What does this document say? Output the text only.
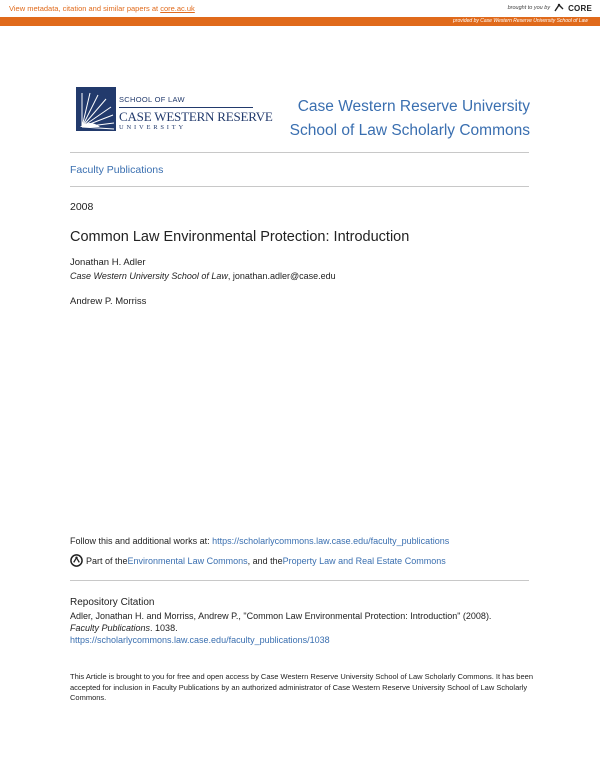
View metadata, citation and similar papers at core.ac.uk	brought to you by CORE
provided by Case Western Reserve University School of Law
SCHOOL OF LAW
CASE WESTERN RESERVE
UNIVERSITY
Case Western Reserve University
School of Law Scholarly Commons
Faculty Publications
2008
Common Law Environmental Protection: Introduction
Jonathan H. Adler
Case Western University School of Law, jonathan.adler@case.edu
Andrew P. Morriss
Follow this and additional works at: https://scholarlycommons.law.case.edu/faculty_publications
Part of the Environmental Law Commons , and the Property Law and Real Estate Commons
Repository Citation
Adler, Jonathan H. and Morriss, Andrew P., "Common Law Environmental Protection: Introduction" (2008).
Faculty Publications. 1038.
https://scholarlycommons.law.case.edu/faculty_publications/1038
This Article is brought to you for free and open access by Case Western Reserve University School of Law Scholarly Commons. It has been accepted for inclusion in Faculty Publications by an authorized administrator of Case Western Reserve University School of Law Scholarly Commons.
